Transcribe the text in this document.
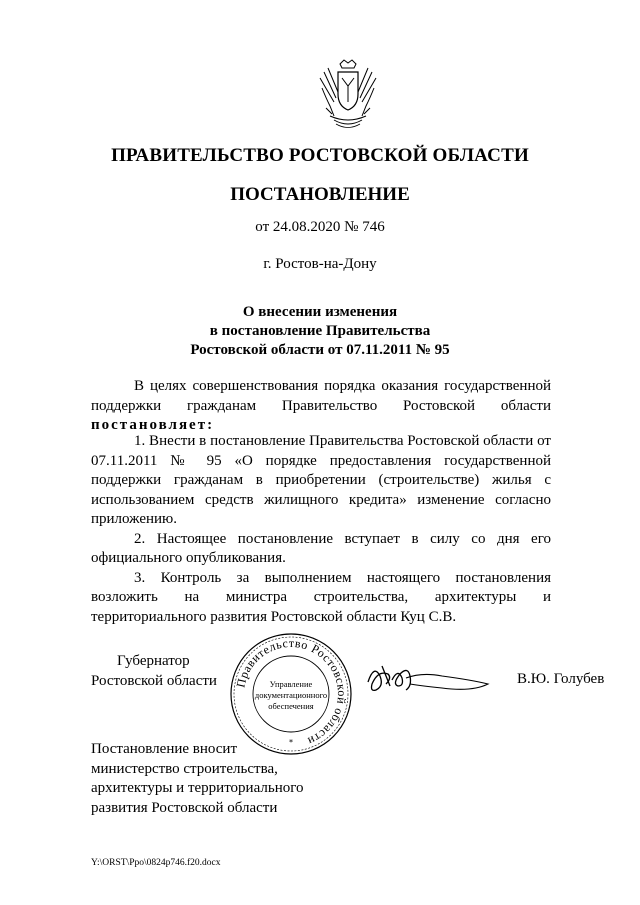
ПРАВИТЕЛЬСТВО РОСТОВСКОЙ ОБЛАСТИ
ПОСТАНОВЛЕНИЕ
от 24.08.2020 № 746
г. Ростов-на-Дону
О внесении изменения
в постановление Правительства
Ростовской области от 07.11.2011 № 95

В целях совершенствования порядка оказания государственной поддержки гражданам Правительство Ростовской области постановляет:

1. Внести в постановление Правительства Ростовской области от 07.11.2011 № 95 «О порядке предоставления государственной поддержки гражданам в приобретении (строительстве) жилья с использованием средств жилищного кредита» изменение согласно приложению.

2. Настоящее постановление вступает в силу со дня его официального опубликования.

3. Контроль за выполнением настоящего постановления возложить на министра строительства, архитектуры и территориального развития Ростовской области Куц С.В.

Губернатор
Ростовской области Правительство Ростовской области
Управление
документационного
обеспечения
*
В.Ю. Голубев
Постановление вносит
министерство строительства,
архитектуры и территориального
развития Ростовской области
Y:\ORST\Ppo\0824p746.f20.docx
